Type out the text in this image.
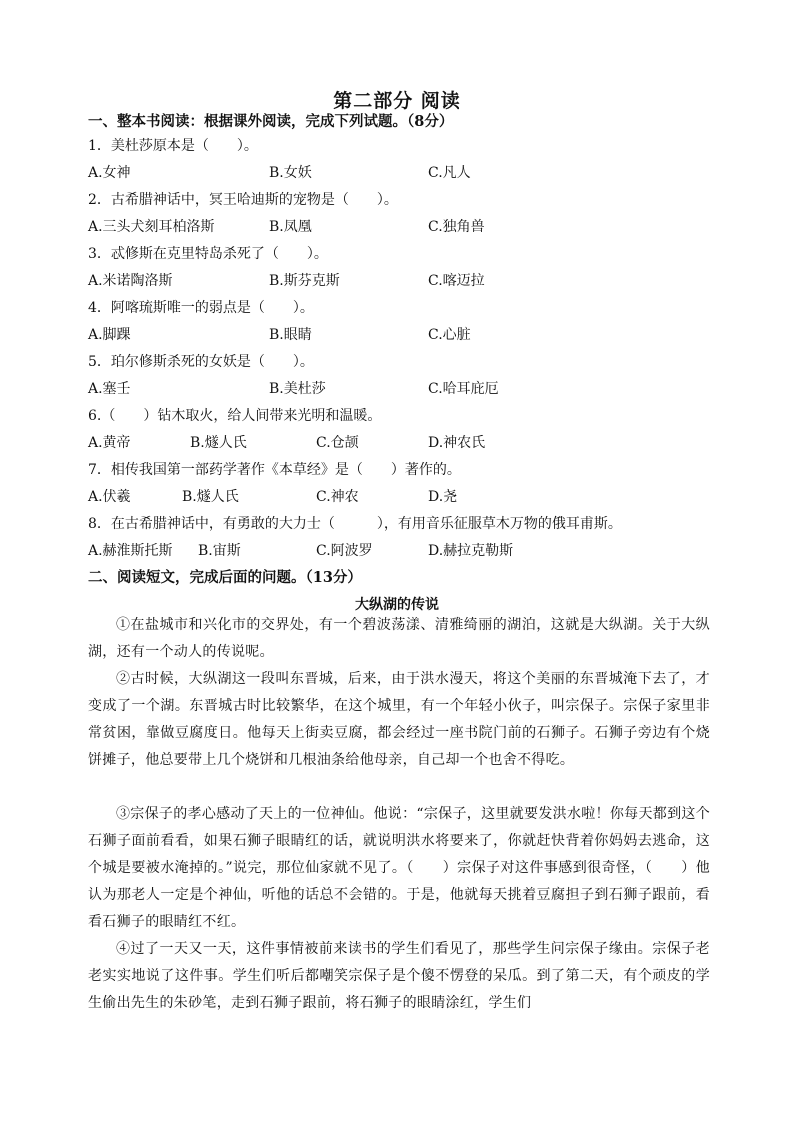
第二部分 阅读
一、整本书阅读：根据课外阅读，完成下列试题。（8分）
1．美杜莎原本是（　　）。
A.女神	B.女妖	C.凡人
2．古希腊神话中，冥王哈迪斯的宠物是（　　）。
A.三头犬刻耳柏洛斯	B.凤凰	C.独角兽
3．忒修斯在克里特岛杀死了（　　）。
A.米诺陶洛斯	B.斯芬克斯	C.喀迈拉
4．阿喀琉斯唯一的弱点是（　　）。
A.脚踝	B.眼睛	C.心脏
5．珀尔修斯杀死的女妖是（　　）。
A.塞壬	B.美杜莎	C.哈耳庇厄
6.（　　）钻木取火，给人间带来光明和温暖。
A.黄帝	B.燧人氏	C.仓颉	D.神农氏
7．相传我国第一部药学著作《本草经》是（　　）著作的。
A.伏羲	B.燧人氏	C.神农	D.尧
8．在古希腊神话中，有勇敢的大力士（　　　），有用音乐征服草木万物的俄耳甫斯。
A.赫淮斯托斯 B.宙斯	C.阿波罗	D.赫拉克勒斯
二、阅读短文，完成后面的问题。（13分）
大纵湖的传说
①在盐城市和兴化市的交界处，有一个碧波荡漾、清雅绮丽的湖泊，这就是大纵湖。关于大纵湖，还有一个动人的传说呢。
②古时候，大纵湖这一段叫东晋城，后来，由于洪水漫天，将这个美丽的东晋城淹下去了，才变成了一个湖。东晋城古时比较繁华，在这个城里，有一个年轻小伙子，叫宗保子。宗保子家里非常贫困，靠做豆腐度日。他每天上街卖豆腐，都会经过一座书院门前的石狮子。石狮子旁边有个烧饼摊子，他总要带上几个烧饼和几根油条给他母亲，自己却一个也舍不得吃。
③宗保子的孝心感动了天上的一位神仙。他说：“宗保子，这里就要发洪水啦！你每天都到这个石狮子面前看看，如果石狮子眼睛红的话，就说明洪水将要来了，你就赶快背着你妈妈去逃命，这个城是要被水淹掉的。”说完，那位仙家就不见了。（　　）宗保子对这件事感到很奇怪，（　　）他认为那老人一定是个神仙，听他的话总不会错的。于是，他就每天挑着豆腐担子到石狮子跟前，看看石狮子的眼睛红不红。
④过了一天又一天，这件事情被前来读书的学生们看见了，那些学生问宗保子缘由。宗保子老老实实地说了这件事。学生们听后都嘲笑宗保子是个傻不愣登的呆瓜。到了第二天，有个顽皮的学生偷出先生的朱砂笔，走到石狮子跟前，将石狮子的眼睛涂红，学生们
